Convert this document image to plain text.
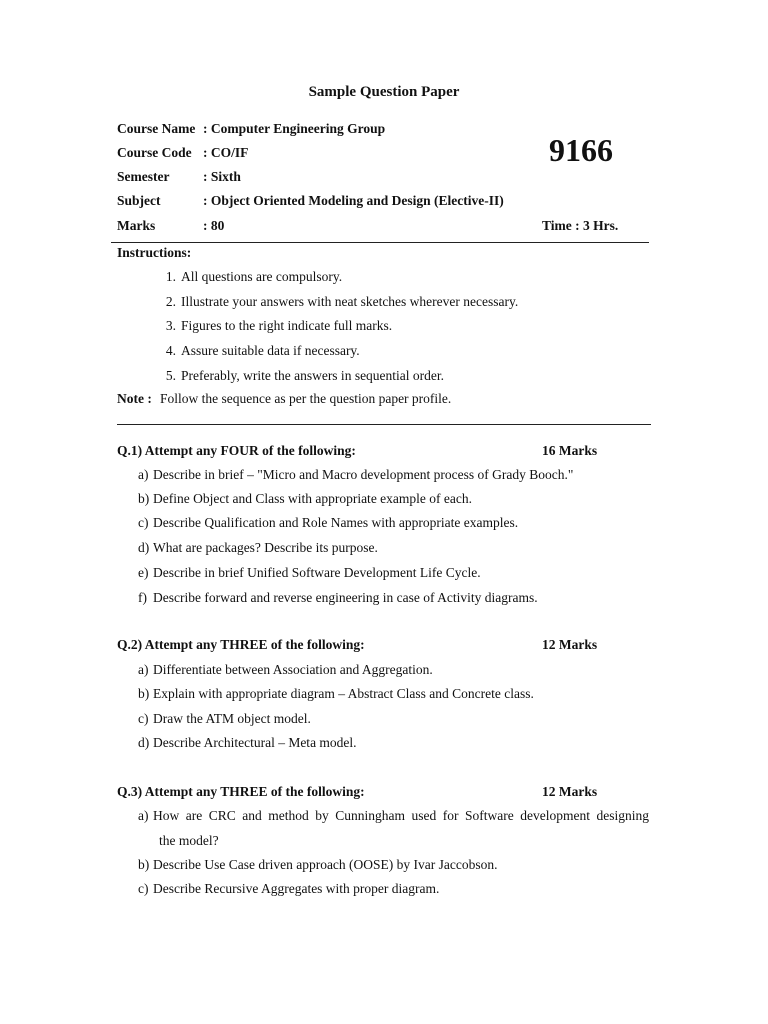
Sample Question Paper
9166
Course Name : Computer Engineering Group
Course Code : CO/IF
Semester : Sixth
Subject	: Object Oriented Modeling and Design (Elective-II)
Marks	: 80	Time : 3 Hrs.
Instructions:
1. All questions are compulsory.
2. Illustrate your answers with neat sketches wherever necessary.
3. Figures to the right indicate full marks.
4. Assure suitable data if necessary.
5. Preferably, write the answers in sequential order.
Note : Follow the sequence as per the question paper profile.
Q.1) Attempt any FOUR of the following:	16 Marks
a) Describe in brief – "Micro and Macro development process of Grady Booch."
b) Define Object and Class with appropriate example of each.
c) Describe Qualification and Role Names with appropriate examples.
d) What are packages? Describe its purpose.
e) Describe in brief Unified Software Development Life Cycle.
f) Describe forward and reverse engineering in case of Activity diagrams.
Q.2) Attempt any THREE of the following:	12 Marks
a) Differentiate between Association and Aggregation.
b) Explain with appropriate diagram – Abstract Class and Concrete class.
c) Draw the ATM object model.
d) Describe Architectural – Meta model.
Q.3) Attempt any THREE of the following:	12 Marks
a) How are CRC and method by Cunningham used for Software development designing
the model?
b) Describe Use Case driven approach (OOSE) by Ivar Jaccobson.
c) Describe Recursive Aggregates with proper diagram.
